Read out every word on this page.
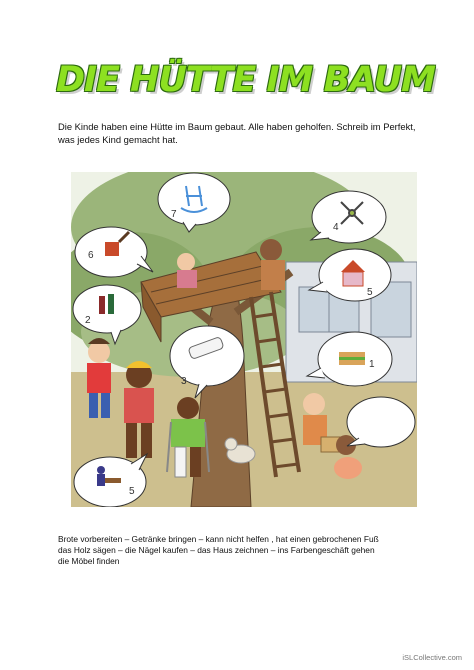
DIE HÜTTE IM BAUM
Die Kinde haben eine Hütte im Baum gebaut. Alle haben geholfen. Schreib im Perfekt, was jedes Kind gemacht hat.
7
4
6
5
2
1
3
5
Brote vorbereiten – Getränke bringen – kann nicht helfen , hat einen gebrochenen Fuß
das Holz sägen – die Nägel kaufen – das Haus zeichnen – ins Farbengeschäft gehen
die Möbel finden
iSLCollective.com
